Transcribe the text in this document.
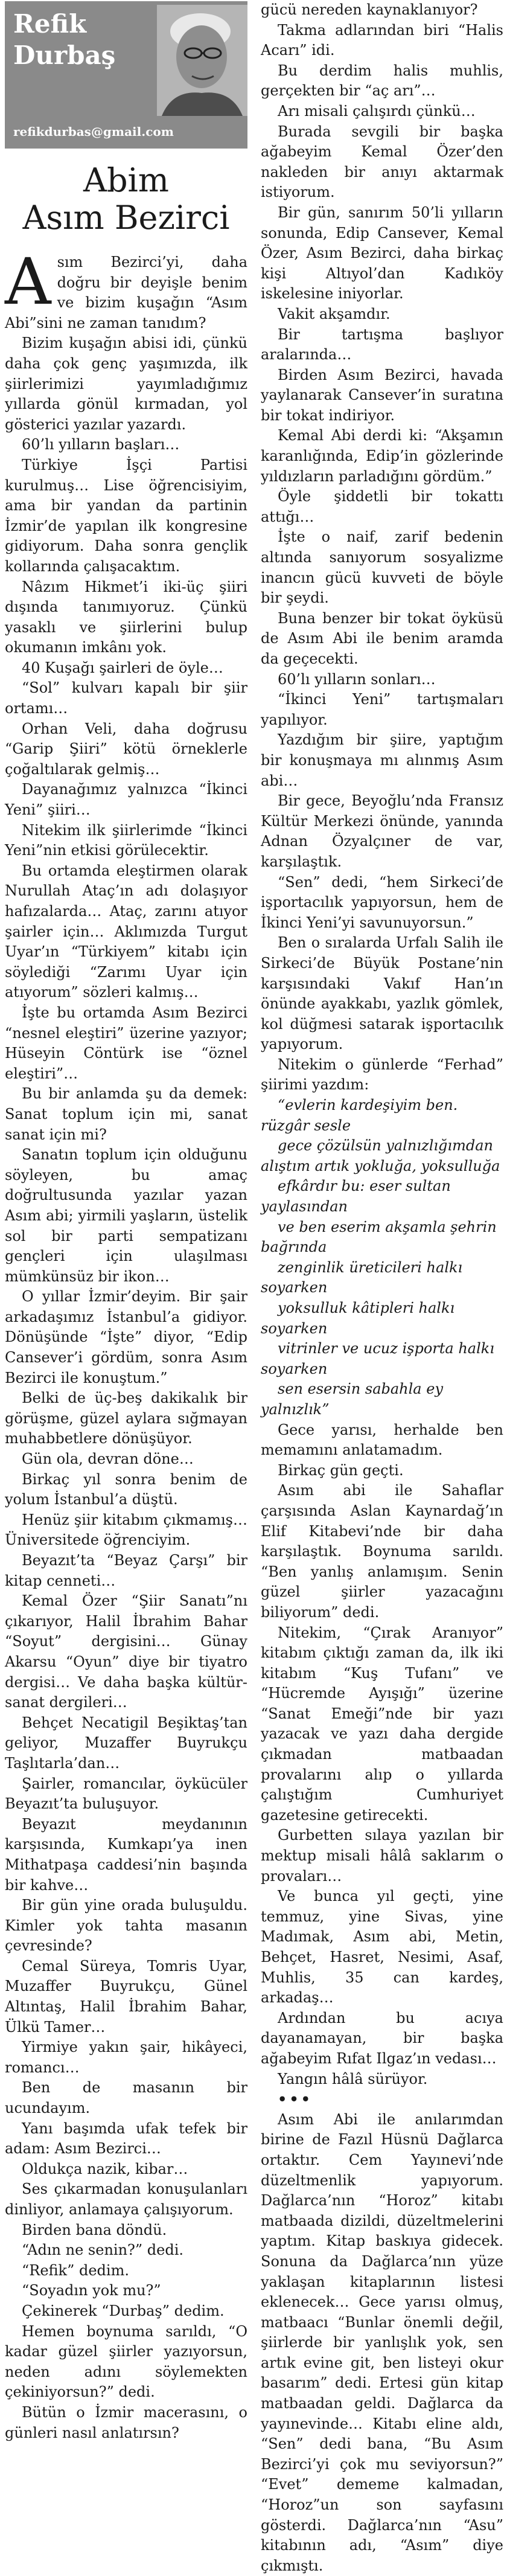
Refik
Durbaş
refikdurbas@gmail.com
Abim
Asım Bezirci

Asım Bezirci’yi, daha doğru bir deyişle benim ve bizim kuşağın “Asım Abi”sini ne zaman tanıdım?

Bizim kuşağın abisi idi, çünkü daha çok genç yaşımızda, ilk şiirlerimizi yayımladığımız yıllarda gönül kırmadan, yol gösterici yazılar yazardı.

60’lı yılların başları…

Türkiye İşçi Partisi kurulmuş… Lise öğrencisiyim, ama bir yandan da partinin İzmir’de yapılan ilk kongresine gidiyorum. Daha sonra gençlik kollarında çalışacaktım.

Nâzım Hikmet’i iki-üç şiiri dışında tanımıyoruz. Çünkü yasaklı ve şiirlerini bulup okumanın imkânı yok.

40 Kuşağı şairleri de öyle…

“Sol” kulvarı kapalı bir şiir ortamı…

Orhan Veli, daha doğrusu “Garip Şiiri” kötü örneklerle çoğaltılarak gelmiş…

Dayanağımız yalnızca “İkinci Yeni” şiiri…

Nitekim ilk şiirlerimde “İkinci Yeni”nin etkisi görülecektir.

Bu ortamda eleştirmen olarak Nurullah Ataç’ın adı dolaşıyor hafızalarda… Ataç, zarını atıyor şairler için… Aklımızda Turgut Uyar’ın “Türkiyem” kitabı için söylediği “Zarımı Uyar için atıyorum” sözleri kalmış…

İşte bu ortamda Asım Bezirci “nesnel eleştiri” üzerine yazıyor; Hüseyin Cöntürk ise “öznel eleştiri”…

Bu bir anlamda şu da demek: Sanat toplum için mi, sanat sanat için mi?

Sanatın toplum için olduğunu söyleyen, bu amaç doğrultusunda yazılar yazan Asım abi; yirmili yaşların, üstelik sol bir parti sempatizanı gençleri için ulaşılması mümkünsüz bir ikon…

O yıllar İzmir’deyim. Bir şair arkadaşımız İstanbul’a gidiyor. Dönüşünde “İşte” diyor, “Edip Cansever’i gördüm, sonra Asım Bezirci ile konuştum.”

Belki de üç-beş dakikalık bir görüşme, güzel aylara sığmayan muhabbetlere dönüşüyor.

Gün ola, devran döne…

Birkaç yıl sonra benim de yolum İstanbul’a düştü.

Henüz şiir kitabım çıkmamış… Üniversitede öğrenciyim.

Beyazıt’ta “Beyaz Çarşı” bir kitap cenneti…

Kemal Özer “Şiir Sanatı”nı çıkarıyor, Halil İbrahim Bahar “Soyut” dergisini… Günay Akarsu “Oyun” diye bir tiyatro dergisi… Ve daha başka kültür-sanat dergileri…

Behçet Necatigil Beşiktaş’tan geliyor, Muzaffer Buyrukçu Taşlıtarla’dan…

Şairler, romancılar, öykücüler Beyazıt’ta buluşuyor.

Beyazıt meydanının karşısında, Kumkapı’ya inen Mithatpaşa caddesi’nin başında bir kahve…

Bir gün yine orada buluşuldu. Kimler yok tahta masanın çevresinde?

Cemal Süreya, Tomris Uyar, Muzaffer Buyrukçu, Günel Altıntaş, Halil İbrahim Bahar, Ülkü Tamer…

Yirmiye yakın şair, hikâyeci, romancı…

Ben de masanın bir ucundayım.

Yanı başımda ufak tefek bir adam: Asım Bezirci…

Oldukça nazik, kibar…

Ses çıkarmadan konuşulanları dinliyor, anlamaya çalışıyorum.

Birden bana döndü.

“Adın ne senin?” dedi.

“Refik” dedim.

“Soyadın yok mu?”

Çekinerek “Durbaş” dedim.

Hemen boynuma sarıldı, “O kadar güzel şiirler yazıyorsun, neden adını söylemekten çekiniyorsun?” dedi.

Bütün o İzmir macerasını, o günleri nasıl anlatırsın?

gücü nereden kaynaklanıyor?

Takma adlarından biri “Halis Acarı” idi.

Bu derdim halis muhlis, gerçekten bir “aç arı”…

Arı misali çalışırdı çünkü…

Burada sevgili bir başka ağabeyim Kemal Özer’den nakleden bir anıyı aktarmak istiyorum.

Bir gün, sanırım 50’li yılların sonunda, Edip Cansever, Kemal Özer, Asım Bezirci, daha birkaç kişi Altıyol’dan Kadıköy iskelesine iniyorlar.

Vakit akşamdır.

Bir tartışma başlıyor aralarında…

Birden Asım Bezirci, havada yaylanarak Cansever’in suratına bir tokat indiriyor.

Kemal Abi derdi ki: “Akşamın karanlığında, Edip’in gözlerinde yıldızların parladığını gördüm.”

Öyle şiddetli bir tokattı attığı…

İşte o naif, zarif bedenin altında sanıyorum sosyalizme inancın gücü kuvveti de böyle bir şeydi.

Buna benzer bir tokat öyküsü de Asım Abi ile benim aramda da geçecekti.

60’lı yılların sonları…

“İkinci Yeni” tartışmaları yapılıyor.

Yazdığım bir şiire, yaptığım bir konuşmaya mı alınmış Asım abi…

Bir gece, Beyoğlu’nda Fransız Kültür Merkezi önünde, yanında Adnan Özyalçıner de var, karşılaştık.

“Sen” dedi, “hem Sirkeci’de işportacılık yapıyorsun, hem de İkinci Yeni’yi savunuyorsun.”

Ben o sıralarda Urfalı Salih ile Sirkeci’de Büyük Postane’nin karşısındaki Vakıf Han’ın önünde ayakkabı, yazlık gömlek, kol düğmesi satarak işportacılık yapıyorum.

Nitekim o günlerde “Ferhad” şiirimi yazdım:

“evlerin kardeşiyim ben. rüzgâr sesle

gece çözülsün yalnızlığımdan alıştım artık yokluğa, yoksulluğa

efkârdır bu: eser sultan yaylasından

ve ben eserim akşamla şehrin bağrında

zenginlik üreticileri halkı soyarken

yoksulluk kâtipleri halkı soyarken

vitrinler ve ucuz işporta halkı soyarken

sen esersin sabahla ey yalnızlık”

Gece yarısı, herhalde ben memamını anlatamadım.

Birkaç gün geçti.

Asım abi ile Sahaflar çarşısında Aslan Kaynardağ’ın Elif Kitabevi’nde bir daha karşılaştık. Boynuma sarıldı. “Ben yanlış anlamışım. Senin güzel şiirler yazacağını biliyorum” dedi.

Nitekim, “Çırak Aranıyor” kitabım çıktığı zaman da, ilk iki kitabım “Kuş Tufanı” ve “Hücremde Ayışığı” üzerine “Sanat Emeği”nde bir yazı yazacak ve yazı daha dergide çıkmadan matbaadan provalarını alıp o yıllarda çalıştığım Cumhuriyet gazetesine getirecekti.

Gurbetten sılaya yazılan bir mektup misali hâlâ saklarım o provaları…

Ve bunca yıl geçti, yine temmuz, yine Sivas, yine Madımak, Asım abi, Metin, Behçet, Hasret, Nesimi, Asaf, Muhlis, 35 can kardeş, arkadaş…

Ardından bu acıya dayanamayan, bir başka ağabeyim Rıfat Ilgaz’ın vedası…

Yangın hâlâ sürüyor.

•••

Asım Abi ile anılarımdan birine de Fazıl Hüsnü Dağlarca ortaktır. Cem Yayınevi’nde düzeltmenlik yapıyorum. Dağlarca’nın “Horoz” kitabı matbaada dizildi, düzeltmelerini yaptım. Kitap baskıya gidecek. Sonuna da Dağlarca’nın yüze yaklaşan kitaplarının listesi eklenecek… Gece yarısı olmuş, matbaacı “Bunlar önemli değil, şiirlerde bir yanlışlık yok, sen artık evine git, ben listeyi okur basarım” dedi. Ertesi gün kitap matbaadan geldi. Dağlarca da yayınevinde… Kitabı eline aldı, “Sen” dedi bana, “Bu Asım Bezirci’yi çok mu seviyorsun?” “Evet” dememe kalmadan, “Horoz”un son sayfasını gösterdi. Dağlarca’nın “Asu” kitabının adı, “Asım” diye çıkmıştı.
